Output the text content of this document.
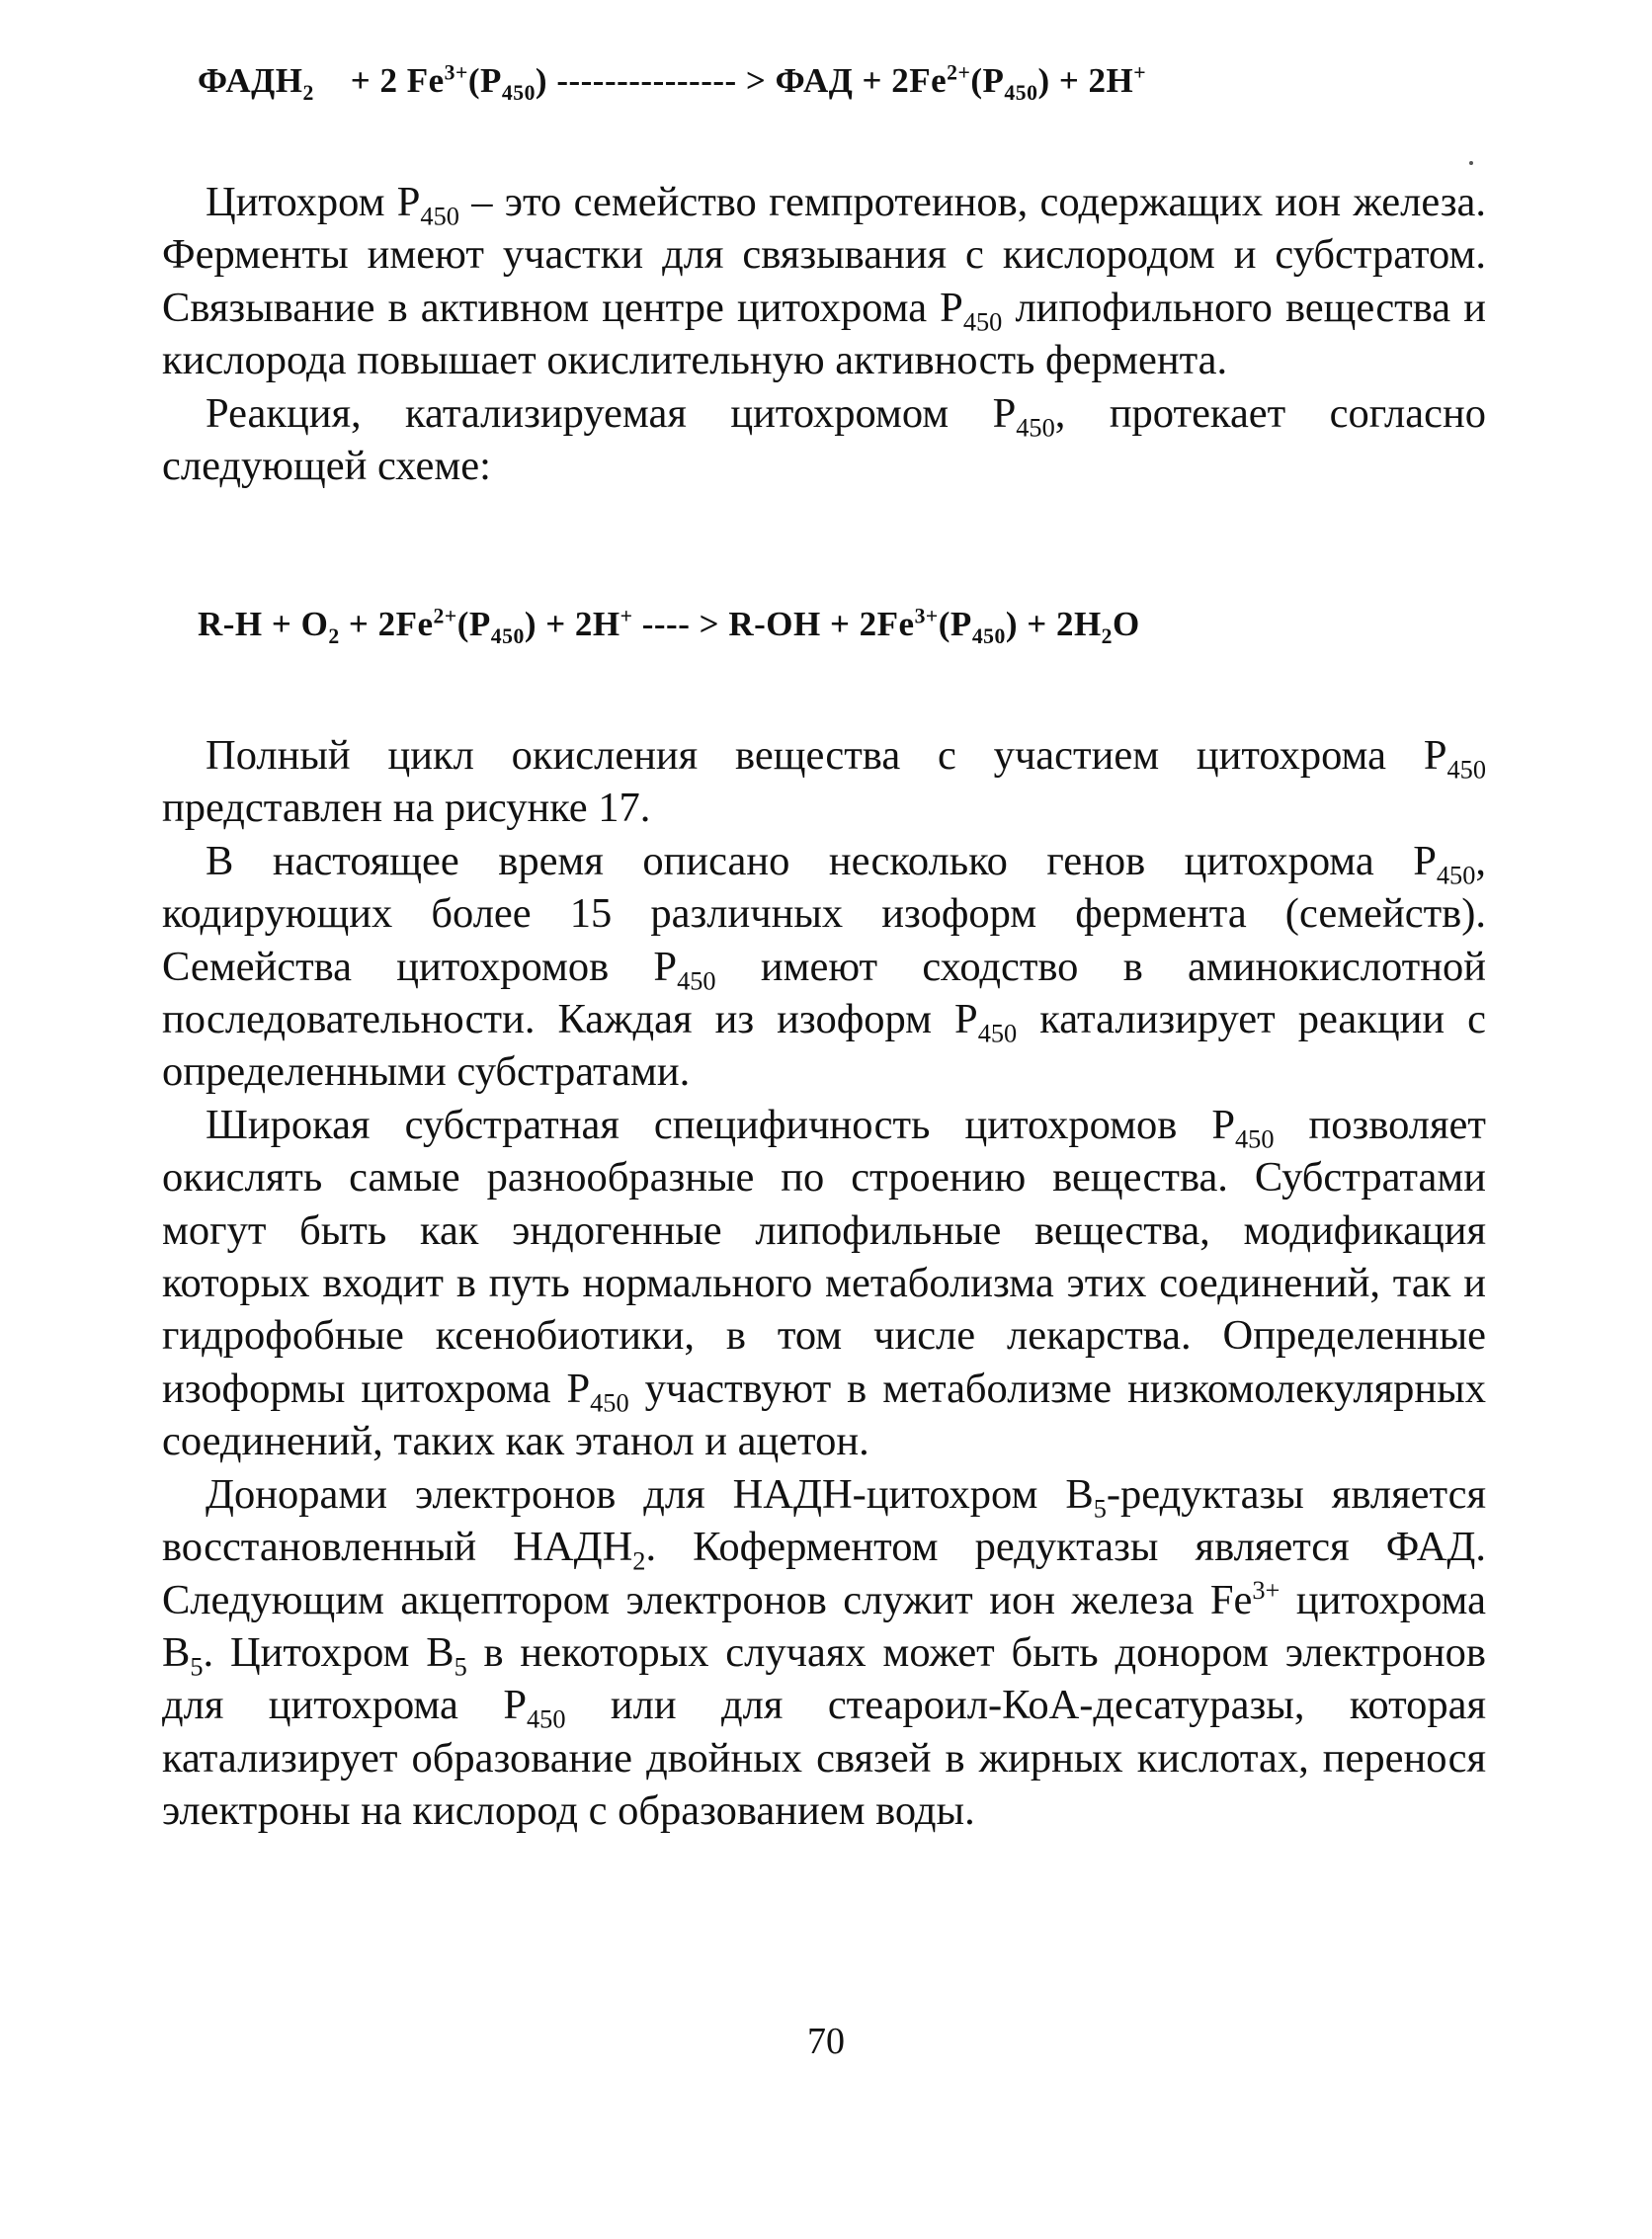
$ФАДН_2 + 2$ $Fe^{3+}(P_{450})$ --------------- > ФАД + $2Fe^{2+}(P_{450}) + 2H^+$

Цитохром $Р_{450}$ – это семейство гемпротеинов, содержащих ион железа. Ферменты имеют участки для связывания с кислородом и субстратом. Связывание в активном центре цитохрома $Р_{450}$ липофильного вещества и кислорода повышает окислительную активность фермента.

Реакция, катализируемая цитохромом $Р_{450}$, протекает согласно следующей схеме:

$R-H + O_2 + 2Fe^{2+}(P_{450}) + 2H^+$ ---- > $R-OH + 2Fe^{3+}(P_{450}) + 2H_2O$

Полный цикл окисления вещества с участием цитохрома $Р_{450}$ представлен на рисунке 17.

В настоящее время описано несколько генов цитохрома $Р_{450}$, кодирующих более 15 различных изоформ фермента (семейств). Семейства цитохромов $Р_{450}$ имеют сходство в аминокислотной последовательности. Каждая из изоформ $Р_{450}$ катализирует реакции с определенными субстратами.

Широкая субстратная специфичность цитохромов $Р_{450}$ позволяет окислять самые разнообразные по строению вещества. Субстратами могут быть как эндогенные липофильные вещества, модификация которых входит в путь нормального метаболизма этих соединений, так и гидрофобные ксенобиотики, в том числе лекарства. Определенные изоформы цитохрома $Р_{450}$ участвуют в метаболизме низкомолекулярных соединений, таких как этанол и ацетон.

Донорами электронов для НАДН-цитохром $В_5$-редуктазы является восстановленный $НАДН_2$. Коферментом редуктазы является ФАД. Следующим акцептором электронов служит ион железа $Fe^{3+}$ цитохрома $В_5$. Цитохром $В_5$ в некоторых случаях может быть донором электронов для цитохрома $Р_{450}$ или для стеароил-КоА-десатуразы, которая катализирует образование двойных связей в жирных кислотах, перенося электроны на кислород с образованием воды.

70
